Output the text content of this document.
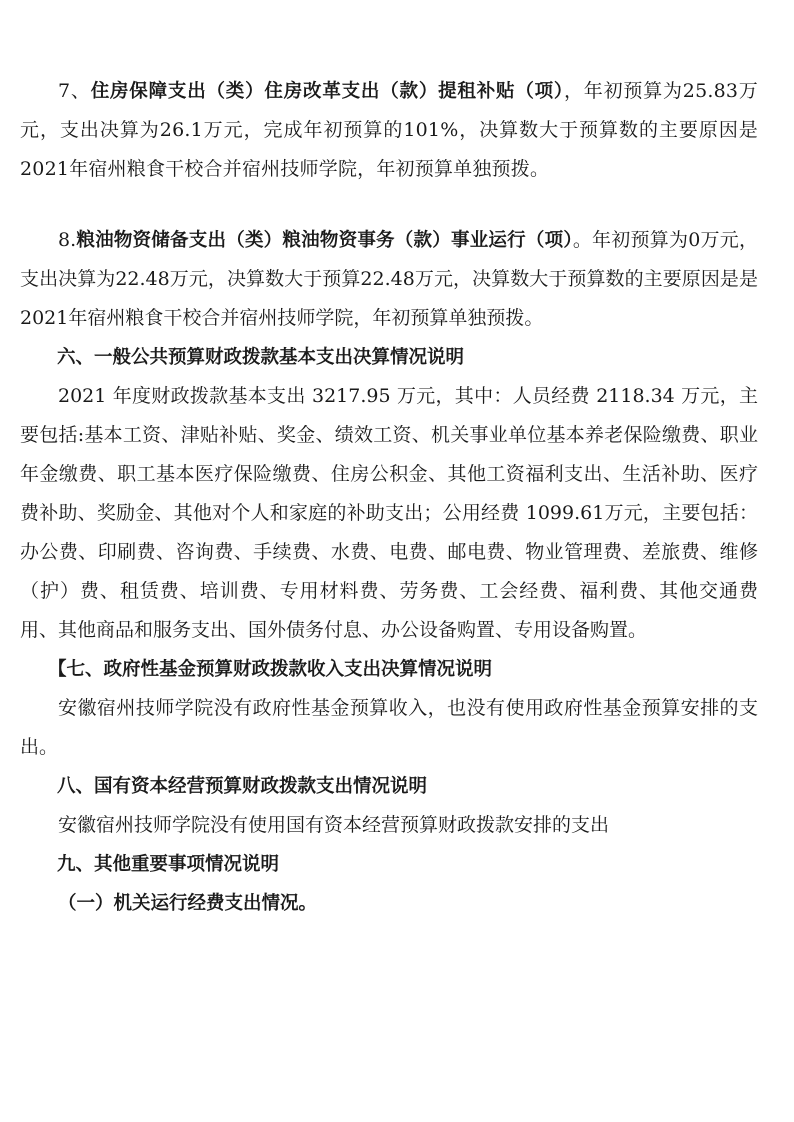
7、住房保障支出（类）住房改革支出（款）提租补贴（项），年初预算为25.83万元，支出决算为26.1万元，完成年初预算的101%，决算数大于预算数的主要原因是2021年宿州粮食干校合并宿州技师学院，年初预算单独预拨。

8.粮油物资储备支出（类）粮油物资事务（款）事业运行（项）。年初预算为0万元，支出决算为22.48万元，决算数大于预算22.48万元，决算数大于预算数的主要原因是是2021年宿州粮食干校合并宿州技师学院，年初预算单独预拨。

六、一般公共预算财政拨款基本支出决算情况说明

2021 年度财政拨款基本支出 3217.95 万元，其中：人员经费 2118.34 万元，主要包括:基本工资、津贴补贴、奖金、绩效工资、机关事业单位基本养老保险缴费、职业年金缴费、职工基本医疗保险缴费、住房公积金、其他工资福利支出、生活补助、医疗费补助、奖励金、其他对个人和家庭的补助支出；公用经费 1099.61万元，主要包括：办公费、印刷费、咨询费、手续费、水费、电费、邮电费、物业管理费、差旅费、维修（护）费、租赁费、培训费、专用材料费、劳务费、工会经费、福利费、其他交通费用、其他商品和服务支出、国外债务付息、办公设备购置、专用设备购置。

【七、政府性基金预算财政拨款收入支出决算情况说明

安徽宿州技师学院没有政府性基金预算收入，也没有使用政府性基金预算安排的支出。

八、国有资本经营预算财政拨款支出情况说明

安徽宿州技师学院没有使用国有资本经营预算财政拨款安排的支出

九、其他重要事项情况说明

（一）机关运行经费支出情况。
